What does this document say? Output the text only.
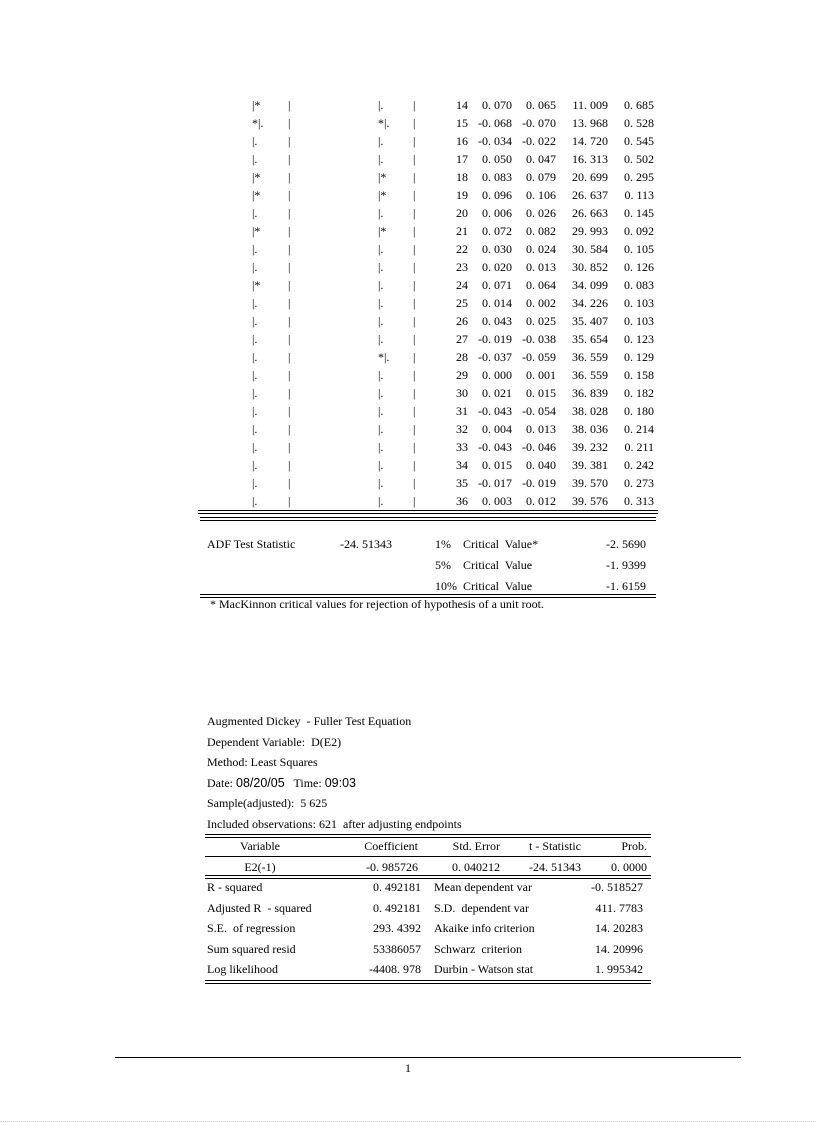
|* |	|. |	14	0. 070	0. 065	11. 009	0. 685
*|. |	*|. |	15 -0. 068 -0. 070	13. 968	0. 528
|.	|	|. |	16 -0. 034 -0. 022	14. 720	0. 545
|.	|	|. |	17	0. 050	0. 047	16. 313	0. 502
|* |	|* |	18	0. 083	0. 079	20. 699	0. 295
|* |	|* |	19	0. 096	0. 106	26. 637	0. 113
|.	|	|. |	20	0. 006	0. 026	26. 663	0. 145
|* |	|* |	21	0. 072	0. 082	29. 993	0. 092
|.	|	|. |	22	0. 030	0. 024	30. 584	0. 105
|.	|	|. |	23	0. 020	0. 013	30. 852	0. 126
|* |	|. |	24	0. 071	0. 064	34. 099	0. 083
|.	|	|. |	25	0. 014	0. 002	34. 226	0. 103
|.	|	|. |	26	0. 043	0. 025	35. 407	0. 103
|.	|	|. |	27 -0. 019 -0. 038	35. 654	0. 123
|.	|	*|. |	28 -0. 037 -0. 059	36. 559	0. 129
|.	|	|. |	29	0. 000	0. 001	36. 559	0. 158
|.	|	|. |	30	0. 021	0. 015	36. 839	0. 182
|.	|	|. |	31 -0. 043 -0. 054	38. 028	0. 180
|.	|	|. |	32	0. 004	0. 013	38. 036	0. 214
|.	|	|. |	33 -0. 043 -0. 046	39. 232	0. 211
|.	|	|. |	34	0. 015	0. 040	39. 381	0. 242
|.	|	|. |	35 -0. 017 -0. 019	39. 570	0. 273
|.	|	|. |	36	0. 003	0. 012	39. 576	0. 313
ADF Test Statistic	-24. 51343	1% Critical  Value*	-2. 5690
5% Critical  Value	-1. 9399
10% Critical  Value	-1. 6159
* MacKinnon critical values for rejection of hypothesis of a unit root.
Augmented Dickey  - Fuller Test Equation
Dependent Variable:  D(E2)
Method: Least Squares
Date: 08/20/05   Time: 09:03
Sample(adjusted):  5 625
Included observations: 621  after adjusting endpoints
Variable	Coefficient	Std. Error	t - Statistic	Prob.
E2(-1)	-0. 985726	0. 040212	-24. 51343	0. 0000
R - squared	0. 492181 Mean dependent var	-0. 518527
Adjusted R  - squared	0. 492181 S.D.  dependent var	411. 7783
S.E.  of regression	293. 4392 Akaike info criterion	14. 20283
Sum squared resid	53386057 Schwarz  criterion	14. 20996
Log likelihood	-4408. 978 Durbin - Watson stat	1. 995342
1
